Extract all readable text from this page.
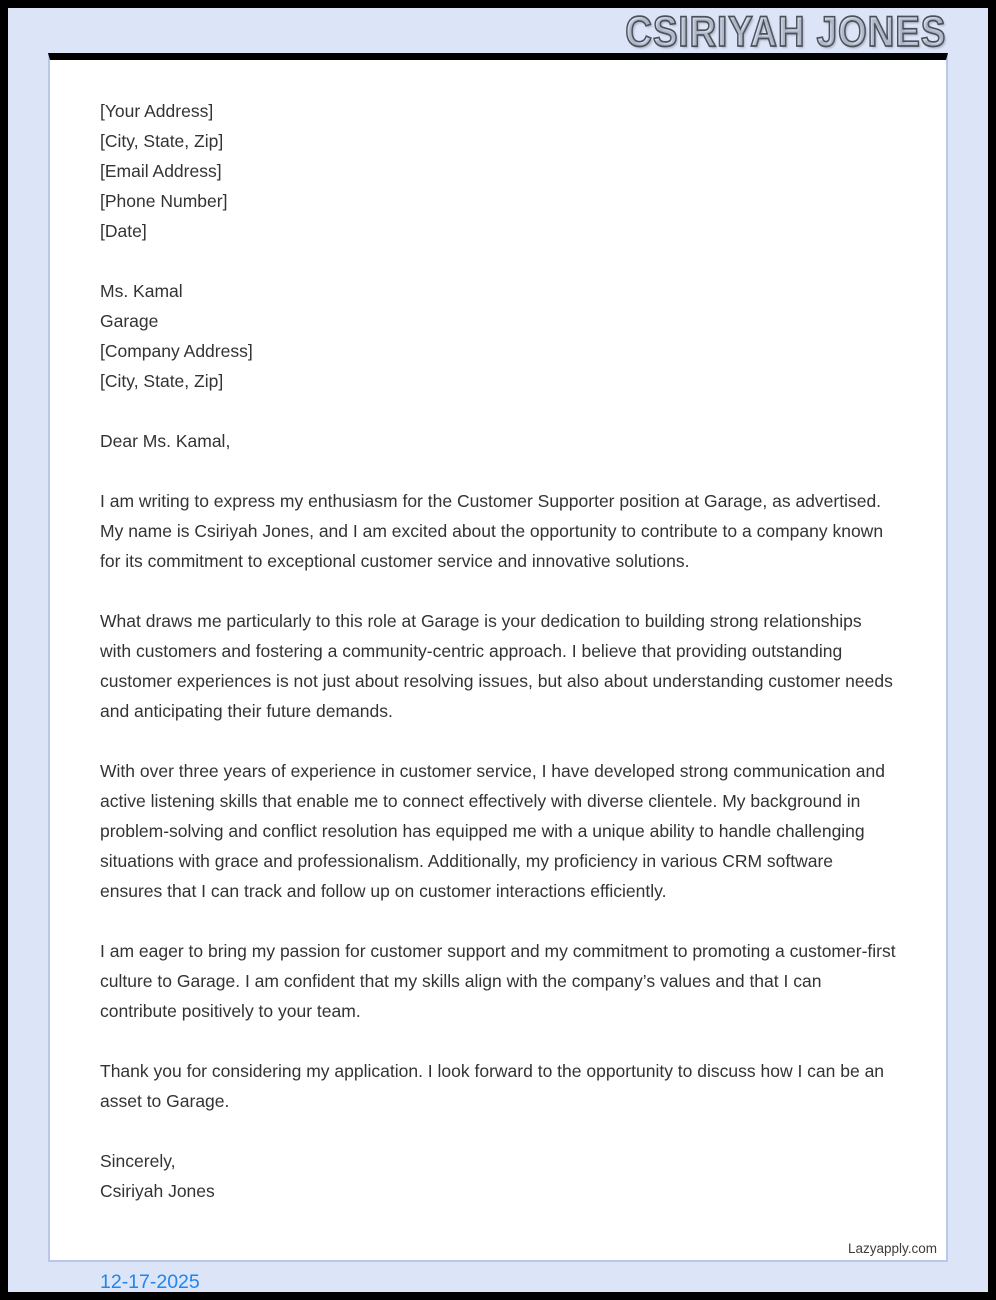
CSIRIYAH JONES
[Your Address]
[City, State, Zip]
[Email Address]
[Phone Number]
[Date]
Ms. Kamal
Garage
[Company Address]
[City, State, Zip]
Dear Ms. Kamal,

I am writing to express my enthusiasm for the Customer Supporter position at Garage, as advertised. My name is Csiriyah Jones, and I am excited about the opportunity to contribute to a company known for its commitment to exceptional customer service and innovative solutions.

What draws me particularly to this role at Garage is your dedication to building strong relationships with customers and fostering a community-centric approach. I believe that providing outstanding customer experiences is not just about resolving issues, but also about understanding customer needs and anticipating their future demands.

With over three years of experience in customer service, I have developed strong communication and active listening skills that enable me to connect effectively with diverse clientele. My background in problem-solving and conflict resolution has equipped me with a unique ability to handle challenging situations with grace and professionalism. Additionally, my proficiency in various CRM software ensures that I can track and follow up on customer interactions efficiently.

I am eager to bring my passion for customer support and my commitment to promoting a customer-first culture to Garage. I am confident that my skills align with the company’s values and that I can contribute positively to your team.

Thank you for considering my application. I look forward to the opportunity to discuss how I can be an asset to Garage.

Sincerely,
Csiriyah Jones
Lazyapply.com
12-17-2025
